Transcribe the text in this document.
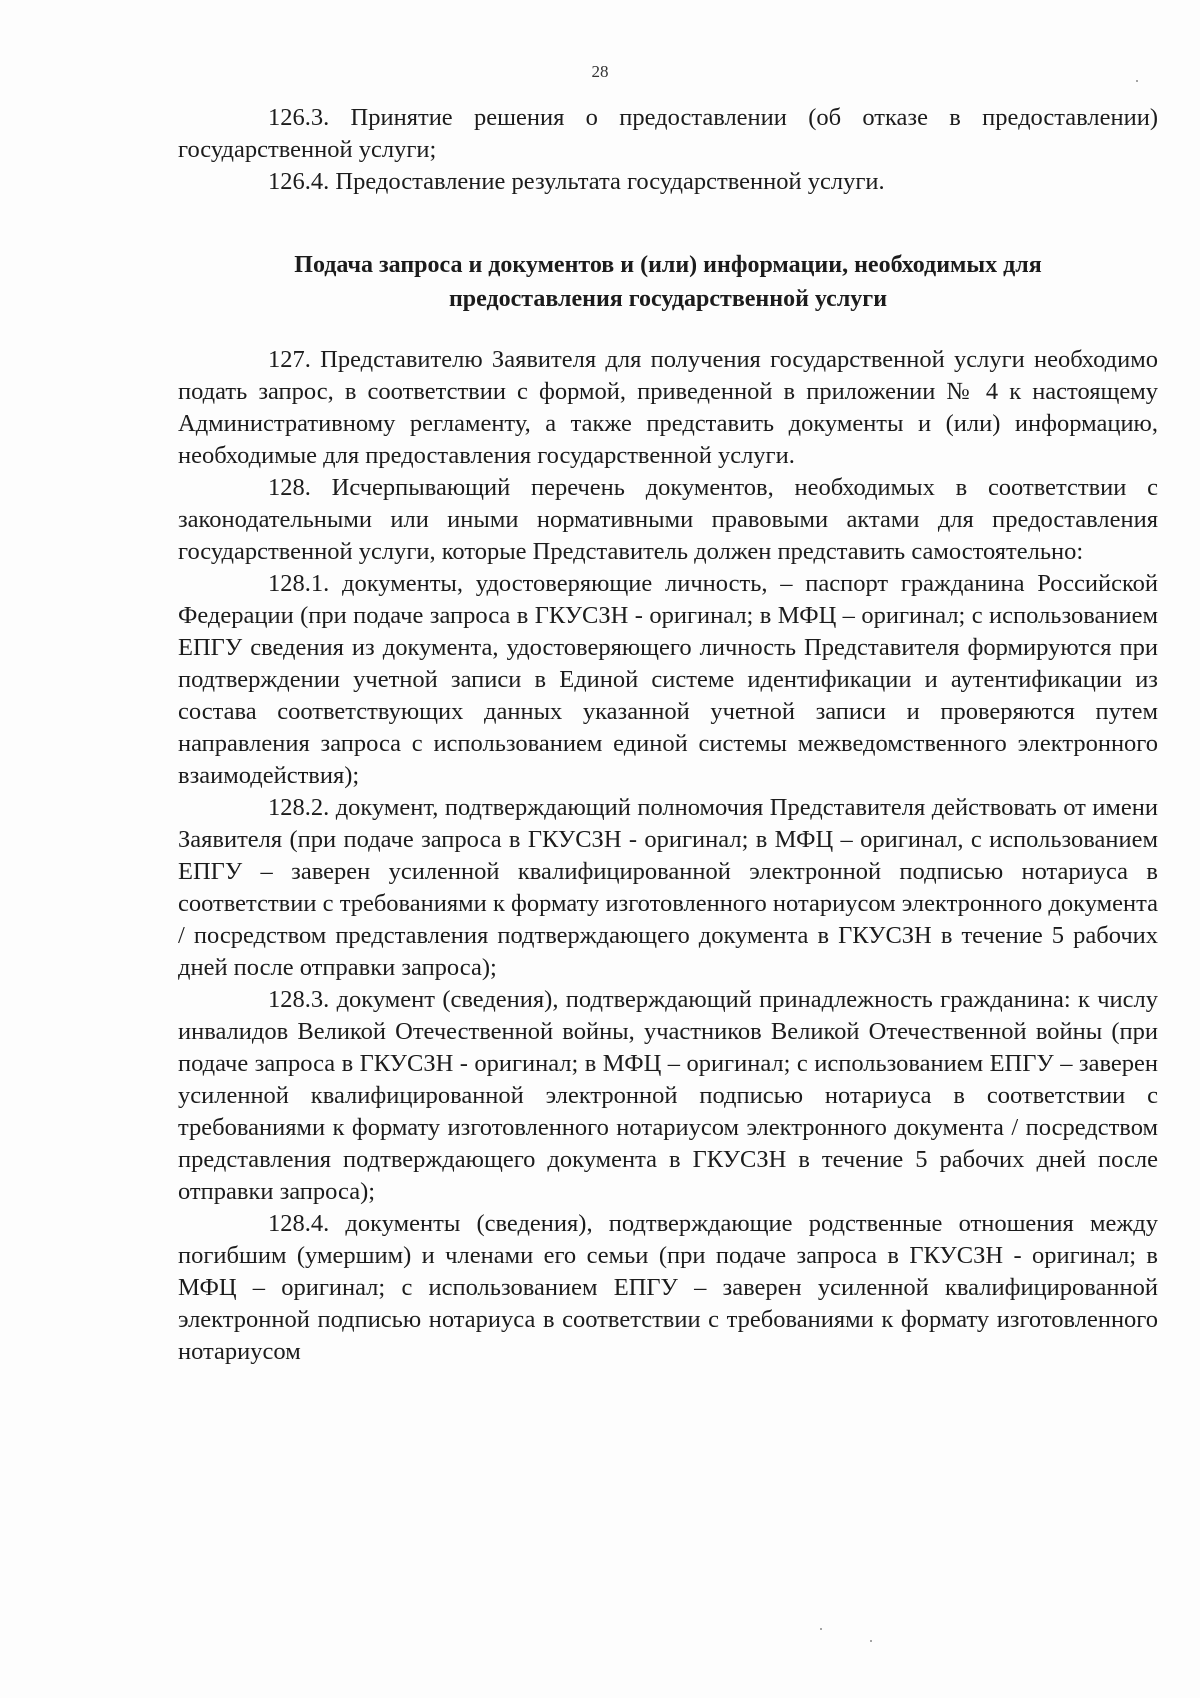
28

126.3. Принятие решения о предоставлении (об отказе в предоставлении) государственной услуги;

126.4. Предоставление результата государственной услуги.

Подача запроса и документов и (или) информации, необходимых для предоставления государственной услуги

127. Представителю Заявителя для получения государственной услуги необходимо подать запрос, в соответствии с формой, приведенной в приложении № 4 к настоящему Административному регламенту, а также представить документы и (или) информацию, необходимые для предоставления государственной услуги.

128. Исчерпывающий перечень документов, необходимых в соответствии с законодательными или иными нормативными правовыми актами для предоставления государственной услуги, которые Представитель должен представить самостоятельно:

128.1. документы, удостоверяющие личность, – паспорт гражданина Российской Федерации (при подаче запроса в ГКУСЗН - оригинал; в МФЦ – оригинал; с использованием ЕПГУ сведения из документа, удостоверяющего личность Представителя формируются при подтверждении учетной записи в Единой системе идентификации и аутентификации из состава соответствующих данных указанной учетной записи и проверяются путем направления запроса с использованием единой системы межведомственного электронного взаимодействия);

128.2. документ, подтверждающий полномочия Представителя действовать от имени Заявителя (при подаче запроса в ГКУСЗН - оригинал; в МФЦ – оригинал, с использованием ЕПГУ – заверен усиленной квалифицированной электронной подписью нотариуса в соответствии с требованиями к формату изготовленного нотариусом электронного документа / посредством представления подтверждающего документа в ГКУСЗН в течение 5 рабочих дней после отправки запроса);

128.3. документ (сведения), подтверждающий принадлежность гражданина: к числу инвалидов Великой Отечественной войны, участников Великой Отечественной войны (при подаче запроса в ГКУСЗН - оригинал; в МФЦ – оригинал; с использованием ЕПГУ – заверен усиленной квалифицированной электронной подписью нотариуса в соответствии с требованиями к формату изготовленного нотариусом электронного документа / посредством представления подтверждающего документа в ГКУСЗН в течение 5 рабочих дней после отправки запроса);

128.4. документы (сведения), подтверждающие родственные отношения между погибшим (умершим) и членами его семьи (при подаче запроса в ГКУСЗН - оригинал; в МФЦ – оригинал; с использованием ЕПГУ – заверен усиленной квалифицированной электронной подписью нотариуса в соответствии с требованиями к формату изготовленного нотариусом
